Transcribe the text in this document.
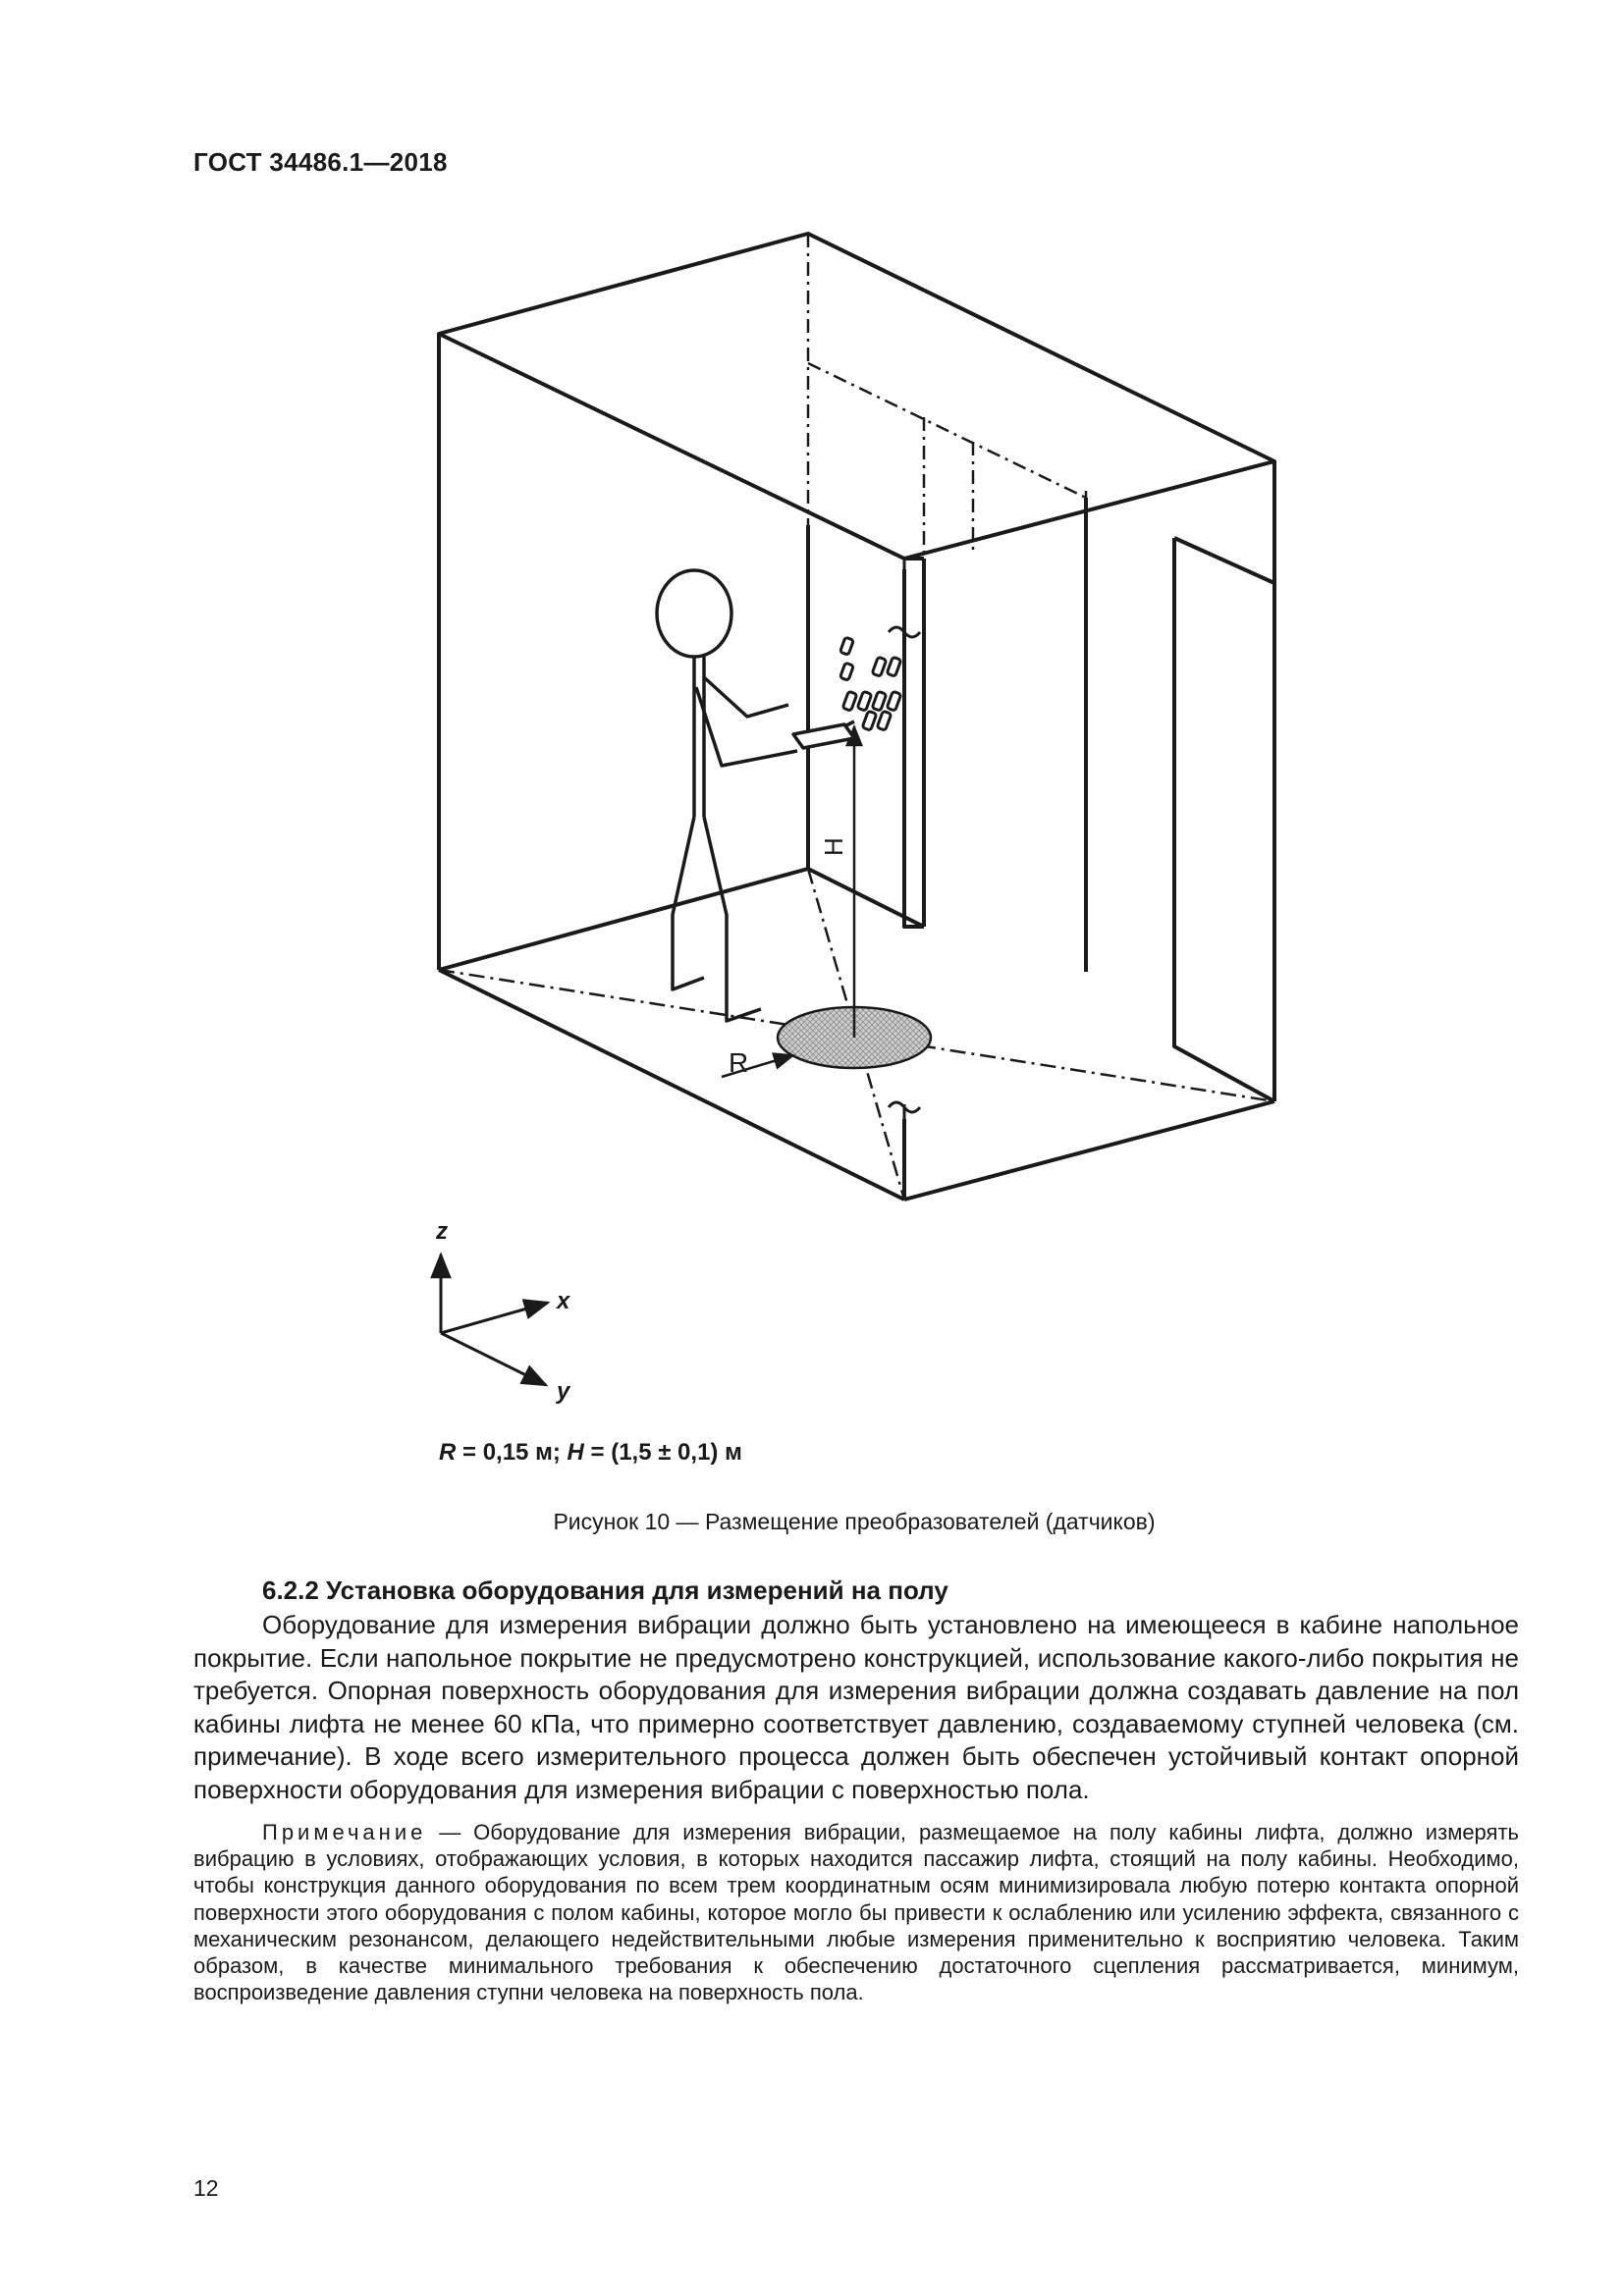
ГОСТ 34486.1—2018
H
R
z
x
y
R = 0,15 м; H = (1,5 ± 0,1) м
Рисунок 10 — Размещение преобразователей (датчиков)
6.2.2 Установка оборудования для измерений на полу

Оборудование для измерения вибрации должно быть установлено на имеющееся в кабине напольное покрытие. Если напольное покрытие не предусмотрено конструкцией, использование какого-либо покрытия не требуется. Опорная поверхность оборудования для измерения вибрации должна создавать давление на пол кабины лифта не менее 60 кПа, что примерно соответствует давлению, создаваемому ступней человека (см. примечание). В ходе всего измерительного процесса должен быть обеспечен устойчивый контакт опорной поверхности оборудования для измерения вибрации с поверхностью пола.

Примечание — Оборудование для измерения вибрации, размещаемое на полу кабины лифта, должно измерять вибрацию в условиях, отображающих условия, в которых находится пассажир лифта, стоящий на полу кабины. Необходимо, чтобы конструкция данного оборудования по всем трем координатным осям минимизировала любую потерю контакта опорной поверхности этого оборудования с полом кабины, которое могло бы привести к ослаблению или усилению эффекта, связанного с механическим резонансом, делающего недействительными любые измерения применительно к восприятию человека. Таким образом, в качестве минимального требования к обеспечению достаточного сцепления рассматривается, минимум, воспроизведение давления ступни человека на поверхность пола.

12
